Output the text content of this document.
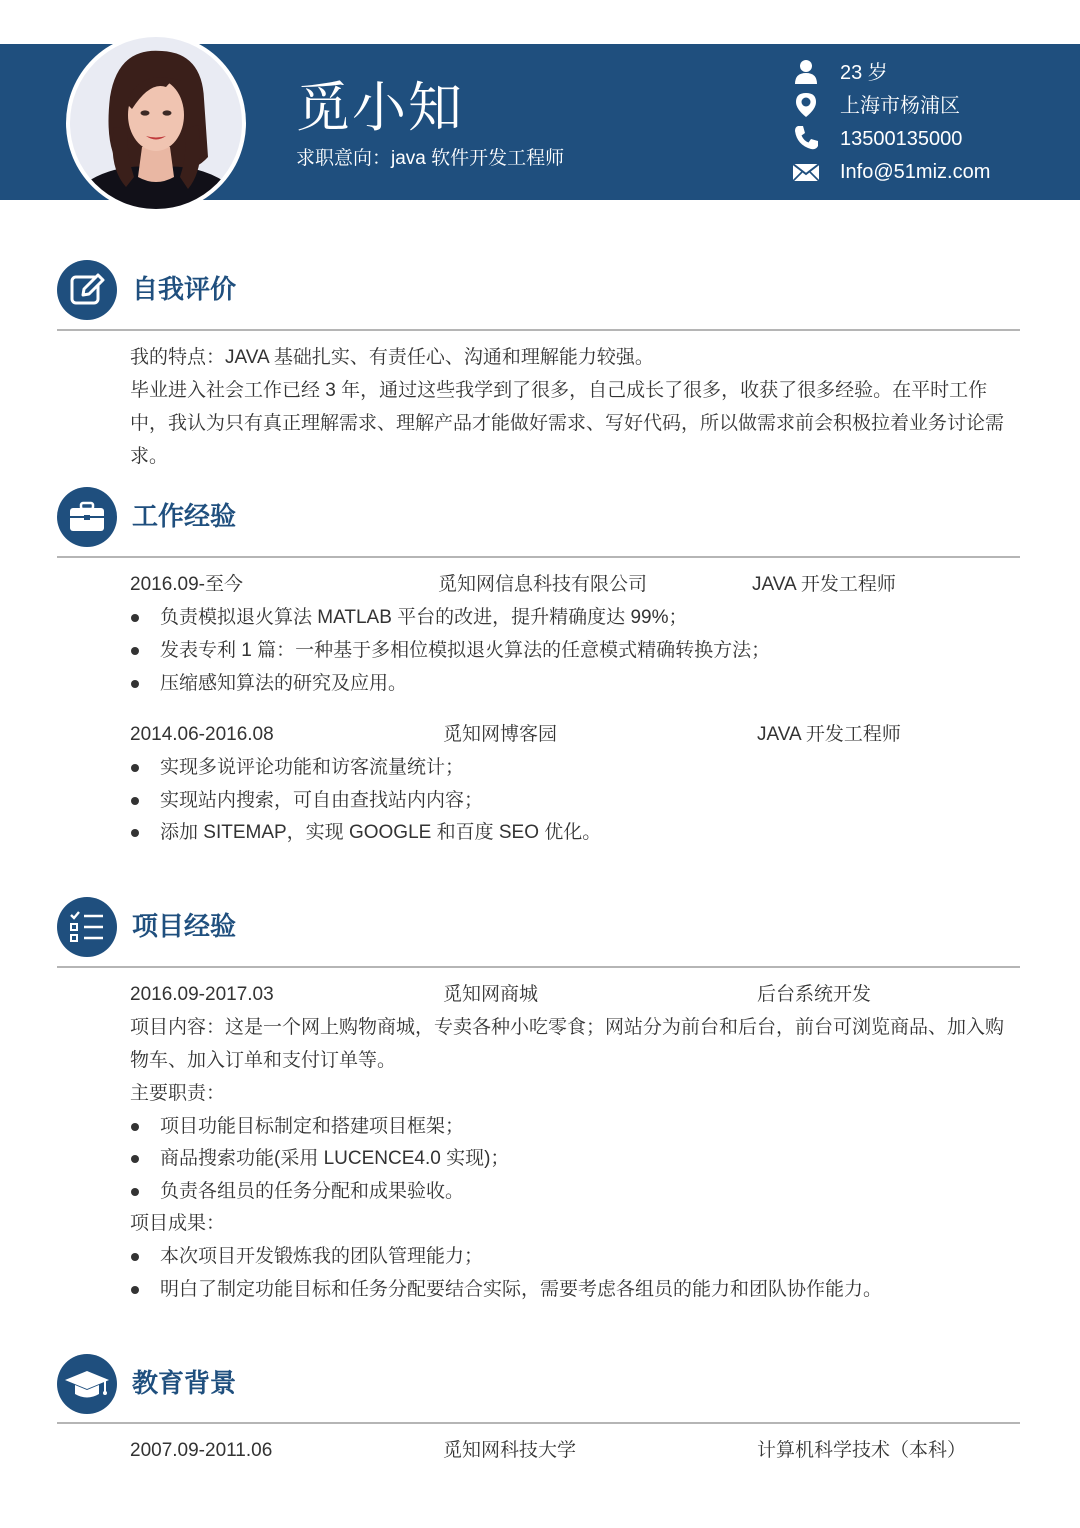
觅小知
求职意向：java 软件开发工程师
23 岁
上海市杨浦区
13500135000
Info@51miz.com
自我评价
我的特点：JAVA 基础扎实、有责任心、沟通和理解能力较强。
毕业进入社会工作已经 3 年，通过这些我学到了很多，自己成长了很多，收获了很多经验。在平时工作中，我认为只有真正理解需求、理解产品才能做好需求、写好代码，所以做需求前会积极拉着业务讨论需求。
工作经验
2016.09-至今	觅知网信息科技有限公司	JAVA 开发工程师
负责模拟退火算法 MATLAB 平台的改进，提升精确度达 99%；
发表专利 1 篇：一种基于多相位模拟退火算法的任意模式精确转换方法；
压缩感知算法的研究及应用。
2014.06-2016.08	觅知网博客园	JAVA 开发工程师
实现多说评论功能和访客流量统计；
实现站内搜索，可自由查找站内内容；
添加 SITEMAP，实现 GOOGLE 和百度 SEO 优化。
项目经验
2016.09-2017.03	觅知网商城	后台系统开发
项目内容：这是一个网上购物商城，专卖各种小吃零食；网站分为前台和后台，前台可浏览商品、加入购物车、加入订单和支付订单等。
主要职责：
项目功能目标制定和搭建项目框架；
商品搜索功能(采用 LUCENCE4.0 实现)；
负责各组员的任务分配和成果验收。
项目成果：
本次项目开发锻炼我的团队管理能力；
明白了制定功能目标和任务分配要结合实际，需要考虑各组员的能力和团队协作能力。
教育背景
2007.09-2011.06	觅知网科技大学	计算机科学技术（本科）
